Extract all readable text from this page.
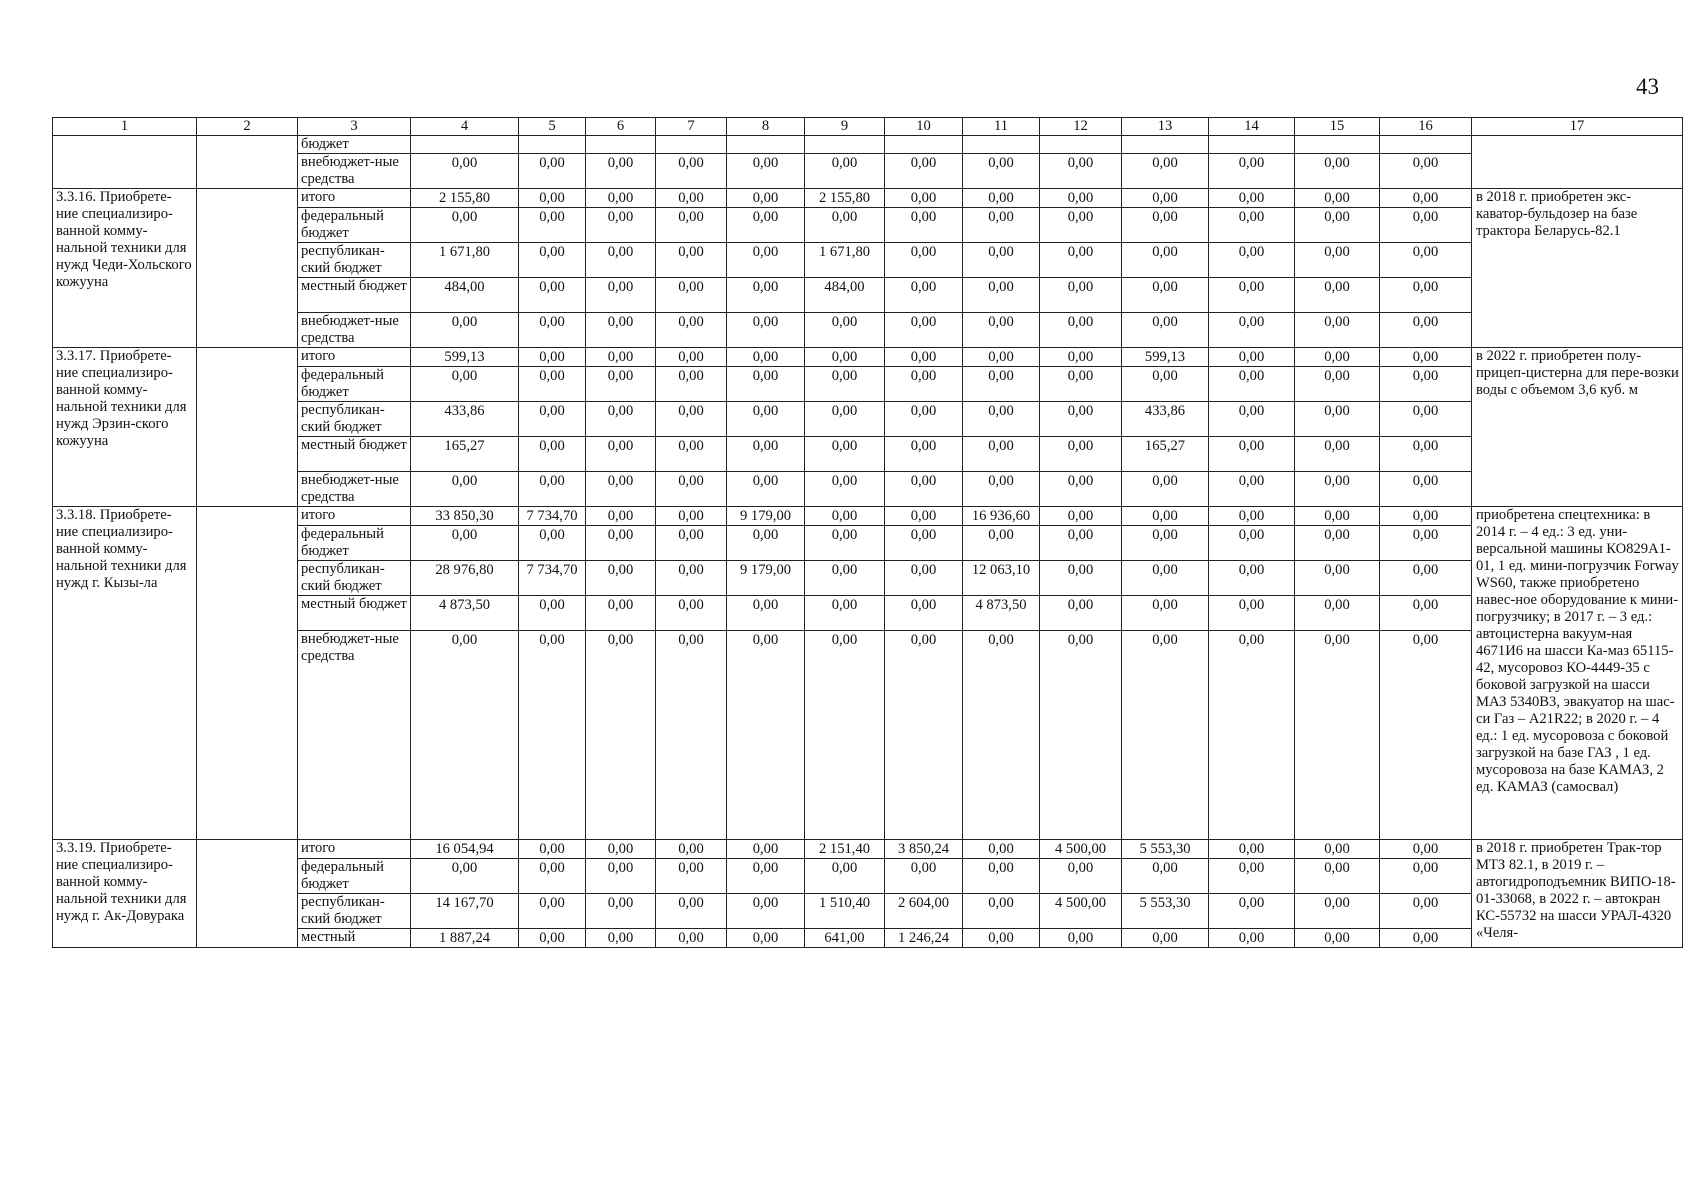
43
1	2	3	4	5	6	7	8	9	10	11	12	13	14	15	16	17
		бюджет														
		внебюджет-ные средства	0,00	0,00	0,00	0,00	0,00	0,00	0,00	0,00	0,00	0,00	0,00	0,00	0,00	
3.3.16. Приобрете-ние специализиро-ванной комму-нальной техники для нужд Чеди-Хольского кожууна		итого	2 155,80	0,00	0,00	0,00	0,00	2 155,80	0,00	0,00	0,00	0,00	0,00	0,00	0,00	в 2018 г. приобретен экс-каватор-бульдозер на базе трактора Беларусь-82.1
		федеральный бюджет	0,00	0,00	0,00	0,00	0,00	0,00	0,00	0,00	0,00	0,00	0,00	0,00	0,00	
		республикан-ский бюджет	1 671,80	0,00	0,00	0,00	0,00	1 671,80	0,00	0,00	0,00	0,00	0,00	0,00	0,00	
		местный бюджет	484,00	0,00	0,00	0,00	0,00	484,00	0,00	0,00	0,00	0,00	0,00	0,00	0,00	
		внебюджет-ные средства	0,00	0,00	0,00	0,00	0,00	0,00	0,00	0,00	0,00	0,00	0,00	0,00	0,00	
3.3.17. Приобрете-ние специализиро-ванной комму-нальной техники для нужд Эрзин-ского кожууна		итого	599,13	0,00	0,00	0,00	0,00	0,00	0,00	0,00	0,00	599,13	0,00	0,00	0,00	в 2022 г. приобретен полу-прицеп-цистерна для пере-возки воды с объемом 3,6 куб. м
		федеральный бюджет	0,00	0,00	0,00	0,00	0,00	0,00	0,00	0,00	0,00	0,00	0,00	0,00	0,00	
		республикан-ский бюджет	433,86	0,00	0,00	0,00	0,00	0,00	0,00	0,00	0,00	433,86	0,00	0,00	0,00	
		местный бюджет	165,27	0,00	0,00	0,00	0,00	0,00	0,00	0,00	0,00	165,27	0,00	0,00	0,00	
		внебюджет-ные средства	0,00	0,00	0,00	0,00	0,00	0,00	0,00	0,00	0,00	0,00	0,00	0,00	0,00	
3.3.18. Приобрете-ние специализиро-ванной комму-нальной техники для нужд г. Кызы-ла		итого	33 850,30	7 734,70	0,00	0,00	9 179,00	0,00	0,00	16 936,60	0,00	0,00	0,00	0,00	0,00	приобретена спецтехника: в 2014 г. – 4 ед.: 3 ед. уни-версальной машины КО829А1-01, 1 ед. мини-погрузчик Forway WS60, также приобретено навес-ное оборудование к мини-погрузчику; в 2017 г. – 3 ед.: автоцистерна вакуум-ная 4671И6 на шасси Ка-маз 65115-42, мусоровоз КО-4449-35 с боковой загрузкой на шасси МАЗ 5340В3, эвакуатор на шас-си Газ – А21R22; в 2020 г. – 4 ед.: 1 ед. мусоровоза с боковой загрузкой на базе ГАЗ , 1 ед. мусоровоза на базе КАМАЗ, 2 ед. КАМАЗ (самосвал)
		федеральный бюджет	0,00	0,00	0,00	0,00	0,00	0,00	0,00	0,00	0,00	0,00	0,00	0,00	0,00	
		республикан-ский бюджет	28 976,80	7 734,70	0,00	0,00	9 179,00	0,00	0,00	12 063,10	0,00	0,00	0,00	0,00	0,00	
		местный бюджет	4 873,50	0,00	0,00	0,00	0,00	0,00	0,00	4 873,50	0,00	0,00	0,00	0,00	0,00	
		внебюджет-ные средства	0,00	0,00	0,00	0,00	0,00	0,00	0,00	0,00	0,00	0,00	0,00	0,00	0,00	
3.3.19. Приобрете-ние специализиро-ванной комму-нальной техники для нужд г. Ак-Довурака		итого	16 054,94	0,00	0,00	0,00	0,00	2 151,40	3 850,24	0,00	4 500,00	5 553,30	0,00	0,00	0,00	в 2018 г. приобретен Трак-тор МТЗ 82.1, в 2019 г. – автогидроподъемник ВИПО-18-01-33068, в 2022 г. – автокран КС-55732 на шасси УРАЛ-4320 «Челя-
		федеральный бюджет	0,00	0,00	0,00	0,00	0,00	0,00	0,00	0,00	0,00	0,00	0,00	0,00	0,00	
		республикан-ский бюджет	14 167,70	0,00	0,00	0,00	0,00	1 510,40	2 604,00	0,00	4 500,00	5 553,30	0,00	0,00	0,00	
		местный	1 887,24	0,00	0,00	0,00	0,00	641,00	1 246,24	0,00	0,00	0,00	0,00	0,00	0,00	
